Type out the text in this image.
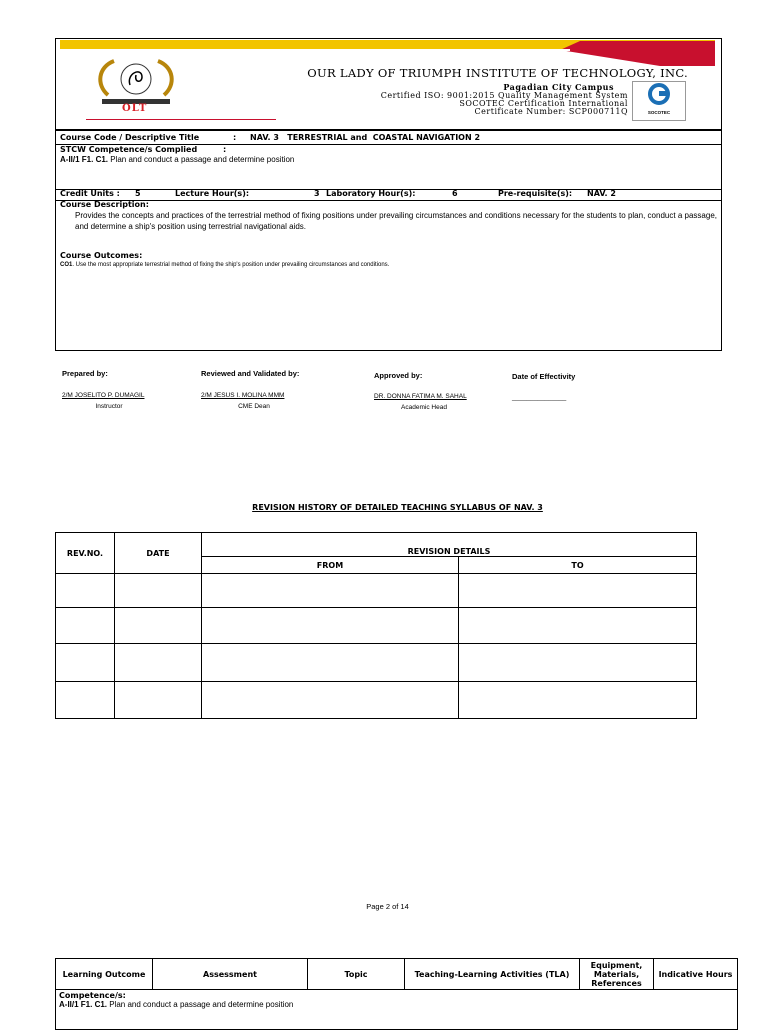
TRIUMPH
OLT
OUR LADY OF TRIUMPH INSTITUTE OF TECHNOLOGY, INC.
Pagadian City Campus
Certified ISO: 9001:2015 Quality Management System
SOCOTEC Certification International
Certificate Number: SCP000711Q	SOCOTEC
Course Code / Descriptive Title	: NAV. 3   TERRESTRIAL and  COASTAL NAVIGATION 2
STCW Competence/s Complied	:
A-II/1 F1. C1. Plan and conduct a passage and determine position
Credit Units : 5	Lecture Hour(s):	3 Laboratory Hour(s):	6	Pre-requisite(s): NAV. 2
Course Description:
Provides the concepts and practices of the terrestrial method of fixing positions under prevailing circumstances and conditions necessary for the students to plan, conduct a passage, and determine a ship's position using terrestrial navigational aids.
Course Outcomes:
CO1. Use the most appropriate terrestrial method of fixing the ship's position under prevailing circumstances and conditions.
Prepared by:
2/M JOSELITO P. DUMAGIL
Instructor
Reviewed and Validated by:
2/M JESUS I. MOLINA MMM
CME Dean
Approved by:
DR. DONNA FATIMA M. SAHAL
Academic Head
Date of Effectivity
_______________
REVISION HISTORY OF DETAILED TEACHING SYLLABUS OF NAV. 3
REV.NO.	DATE	REVISION DETAILS	
		FROM	TO

Page 2 of 14
Learning Outcome	Assessment	Topic	Teaching-Learning Activities (TLA)	Equipment, Materials, References	Indicative Hours

Competence/s:
A-II/1 F1. C1. Plan and conduct a passage and determine position
